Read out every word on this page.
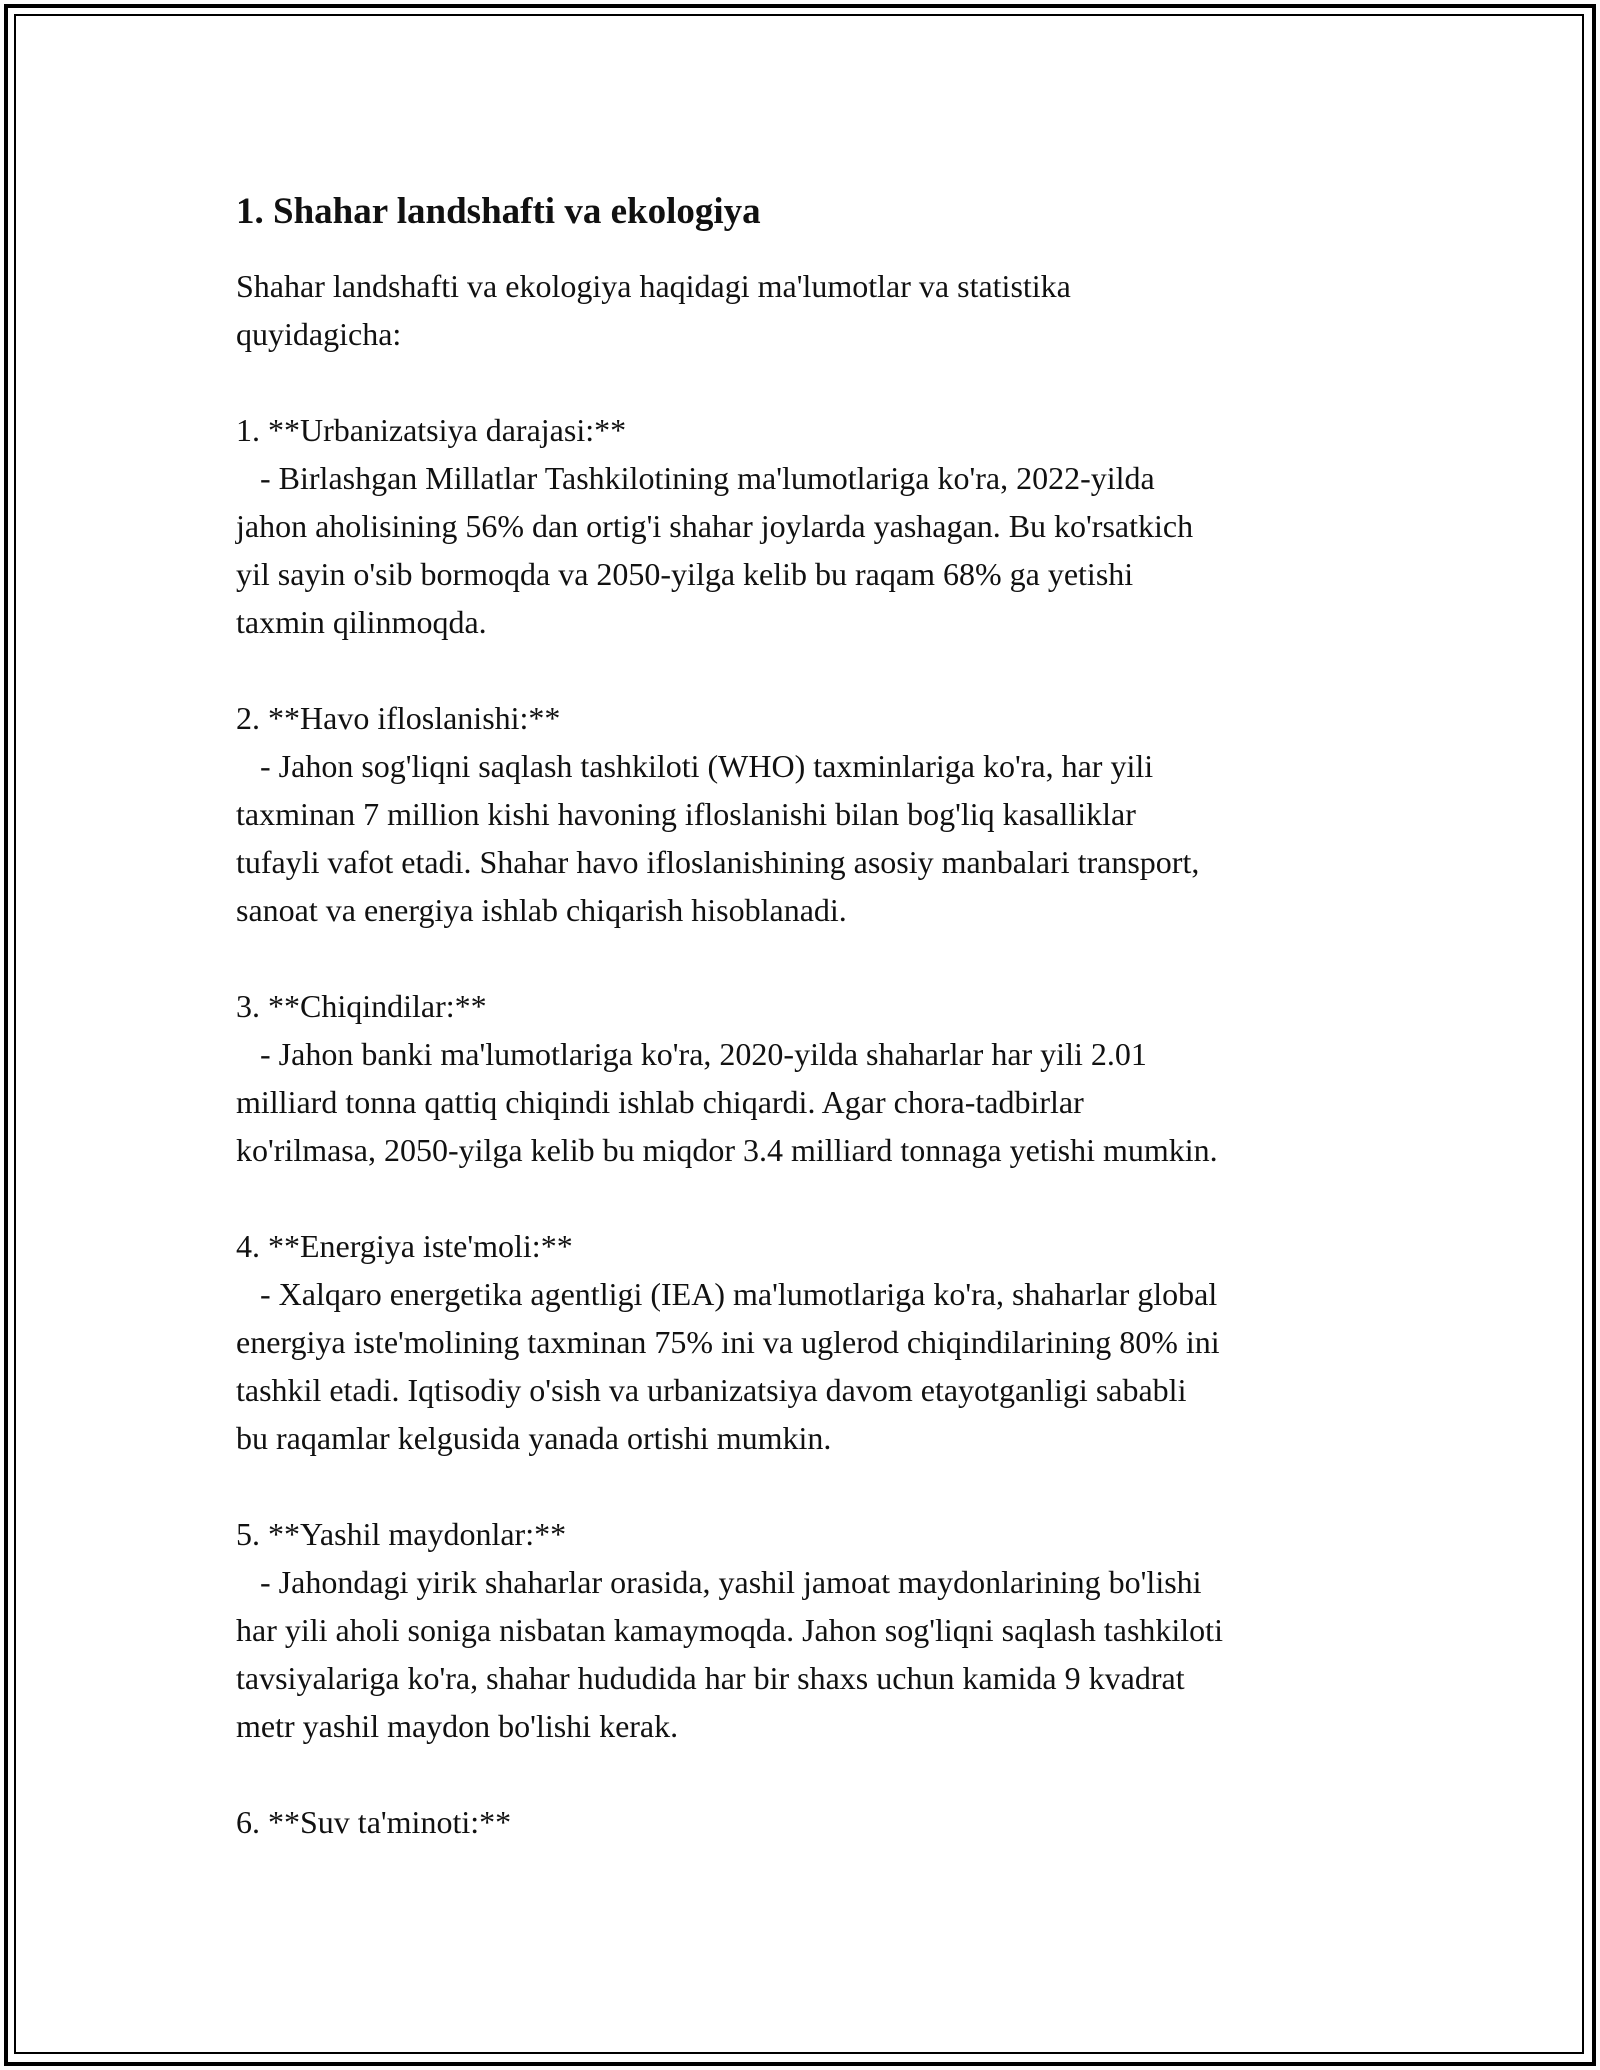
1. Shahar landshafti va ekologiya

Shahar landshafti va ekologiya haqidagi ma'lumotlar va statistika
quyidagicha:

1. **Urbanizatsiya darajasi:**

- Birlashgan Millatlar Tashkilotining ma'lumotlariga ko'ra, 2022-yilda
jahon aholisining 56% dan ortig'i shahar joylarda yashagan. Bu ko'rsatkich
yil sayin o'sib bormoqda va 2050-yilga kelib bu raqam 68% ga yetishi
taxmin qilinmoqda.

2. **Havo ifloslanishi:**

- Jahon sog'liqni saqlash tashkiloti (WHO) taxminlariga ko'ra, har yili
taxminan 7 million kishi havoning ifloslanishi bilan bog'liq kasalliklar
tufayli vafot etadi. Shahar havo ifloslanishining asosiy manbalari transport,
sanoat va energiya ishlab chiqarish hisoblanadi.

3. **Chiqindilar:**

- Jahon banki ma'lumotlariga ko'ra, 2020-yilda shaharlar har yili 2.01
milliard tonna qattiq chiqindi ishlab chiqardi. Agar chora-tadbirlar
ko'rilmasa, 2050-yilga kelib bu miqdor 3.4 milliard tonnaga yetishi mumkin.

4. **Energiya iste'moli:**

- Xalqaro energetika agentligi (IEA) ma'lumotlariga ko'ra, shaharlar global
energiya iste'molining taxminan 75% ini va uglerod chiqindilarining 80% ini
tashkil etadi. Iqtisodiy o'sish va urbanizatsiya davom etayotganligi sababli
bu raqamlar kelgusida yanada ortishi mumkin.

5. **Yashil maydonlar:**

- Jahondagi yirik shaharlar orasida, yashil jamoat maydonlarining bo'lishi
har yili aholi soniga nisbatan kamaymoqda. Jahon sog'liqni saqlash tashkiloti
tavsiyalariga ko'ra, shahar hududida har bir shaxs uchun kamida 9 kvadrat
metr yashil maydon bo'lishi kerak.

6. **Suv ta'minoti:**
